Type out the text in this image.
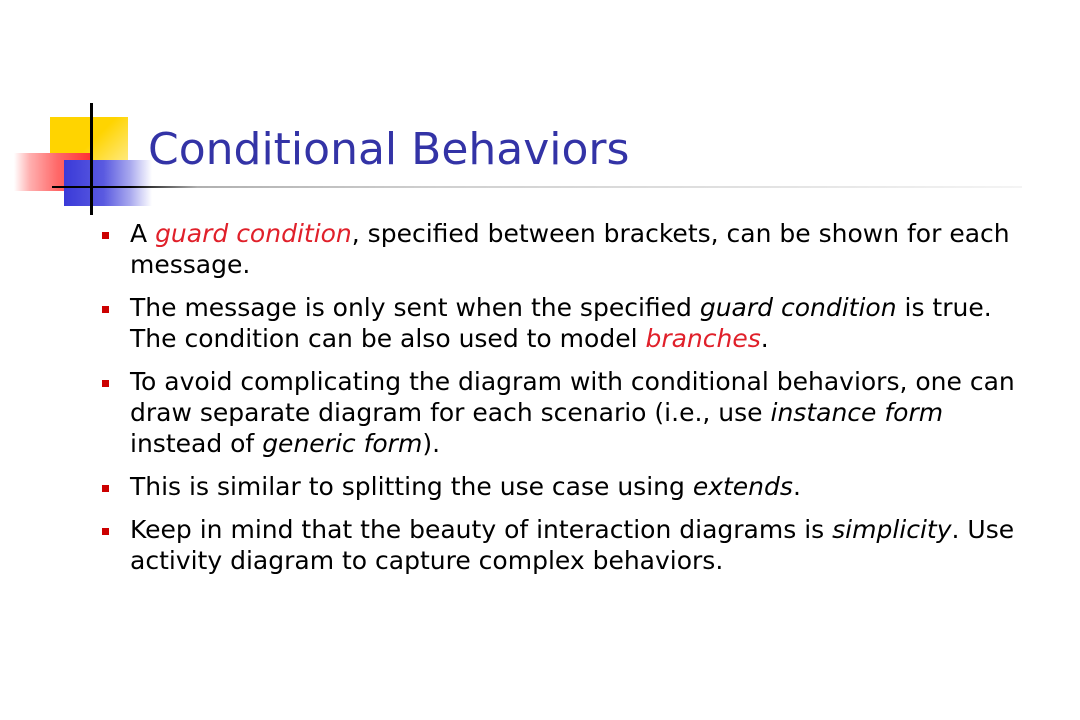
Conditional Behaviors
A guard condition, specified between brackets, can be shown for each message.
The message is only sent when the specified guard condition is true. The condition can be also used to model branches.
To avoid complicating the diagram with conditional behaviors, one can draw separate diagram for each scenario (i.e., use instance form instead of generic form).
This is similar to splitting the use case using extends.
Keep in mind that the beauty of interaction diagrams is simplicity. Use activity diagram to capture complex behaviors.
